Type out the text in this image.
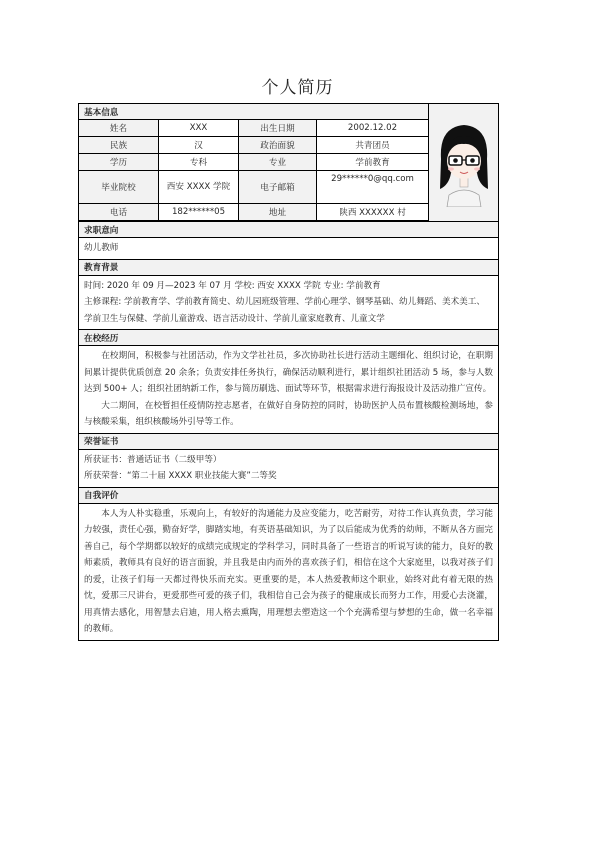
个人简历
基本信息	
姓名	XXX	出生日期	2002.12.02	
民族	汉	政治面貌	共青团员	
学历	专科	专业	学前教育	
毕业院校	西安 XXXX 学院	电子邮箱	29******0@qq.com	
电话	182******05	地址	陕西 XXXXXX 村	

求职意向				
幼儿教师				
教育背景				

时间: 2020 年 09 月—2023 年 07 月 学校: 西安 XXXX 学院 专业: 学前教育

主修课程: 学前教育学、学前教育简史、幼儿园班级管理、学前心理学、钢琴基础、幼儿舞蹈、美术美工、学前卫生与保健、学前儿童游戏、语言活动设计、学前儿童家庭教育、儿童文学				

在校经历				

在校期间，积极参与社团活动，作为文学社社员，多次协助社长进行活动主题细化、组织讨论，在职期间累计提供优质创意 20 余条；负责安排任务执行，确保活动顺利进行，累计组织社团活动 5 场，参与人数达到 500+ 人；组织社团纳新工作，参与简历刷选、面试等环节，根据需求进行海报设计及活动推广宣传。

大二期间，在校暂担任疫情防控志愿者，在做好自身防控的同时，协助医护人员布置核酸检测场地，参与核酸采集，组织核酸场外引导等工作。				

荣誉证书				

所获证书：普通话证书（二级甲等）

所获荣誉：“第二十届 XXXX 职业技能大赛”二等奖				

自我评价				

本人为人朴实稳重，乐观向上，有较好的沟通能力及应变能力，吃苦耐劳，对待工作认真负责，学习能力较强，责任心强，勤奋好学，脚踏实地，有英语基础知识，为了以后能成为优秀的幼师，不断从各方面完善自己，每个学期都以较好的成绩完成规定的学科学习，同时具备了一些语言的听说写读的能力，良好的教师素质，教师具有良好的语言面貌，并且我是由内而外的喜欢孩子们，相信在这个大家庭里，以我对孩子们的爱，让孩子们每一天都过得快乐而充实。更重要的是，本人热爱教师这个职业，始终对此有着无限的热忱，爱那三尺讲台，更爱那些可爱的孩子们，我相信自己会为孩子的健康成长而努力工作，用爱心去浇灌，用真情去感化，用智慧去启迪，用人格去熏陶，用理想去塑造这一个个充满希望与梦想的生命，做一名幸福的教师。				
